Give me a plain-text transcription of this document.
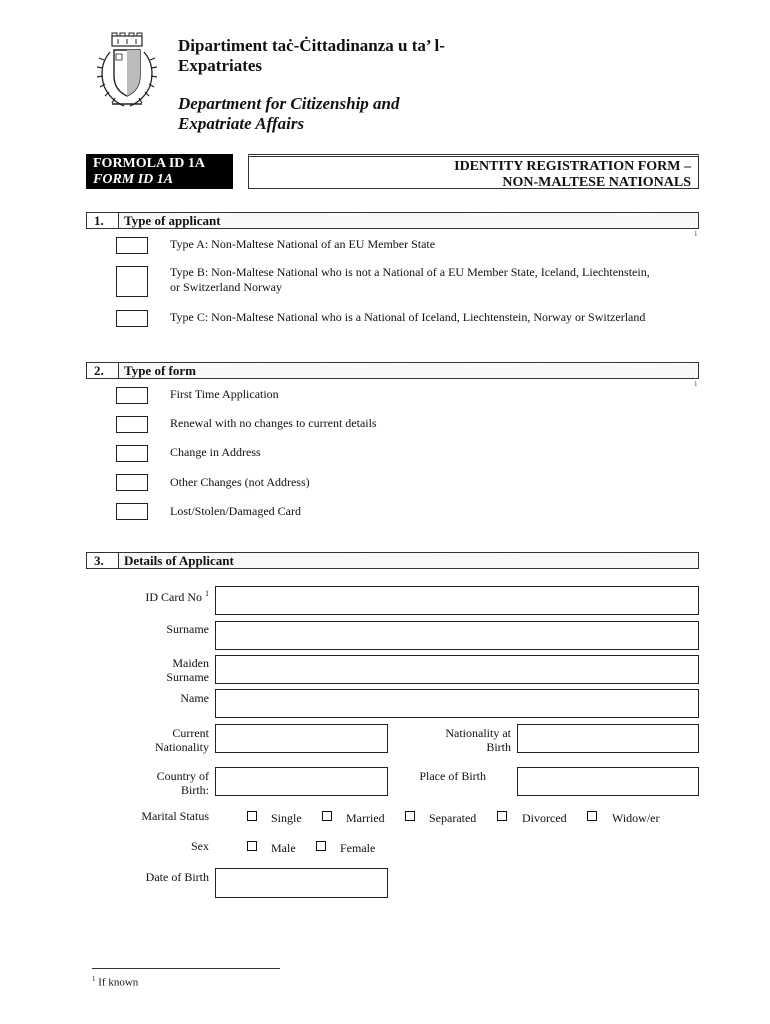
Dipartiment taċ-Ċittadinanza u ta’ l-
Expatriates
Department for Citizenship and
Expatriate Affairs
FORMOLA ID 1A
FORM ID 1A
IDENTITY REGISTRATION FORM –
NON-MALTESE NATIONALS
1.	Type of applicant
1
Type A: Non-Maltese National of an EU Member State
Type B: Non-Maltese National who is not a National of a EU Member State, Iceland, Liechtenstein,
or Switzerland Norway
Type C: Non-Maltese National who is a National of Iceland, Liechtenstein, Norway or Switzerland
2.	Type of form
1
First Time Application
Renewal with no changes to current details
Change in Address
Other Changes (not Address)
Lost/Stolen/Damaged Card
3.	Details of Applicant
ID Card No $^1$
Surname
Maiden
Surname
Name
Current
Nationality
Nationality at
Birth
Country of
Birth:
Place of Birth
Marital Status	Single	Married	Separated	Divorced	Widow/er
Sex	Male	Female
Date of Birth
$^1$ If known
